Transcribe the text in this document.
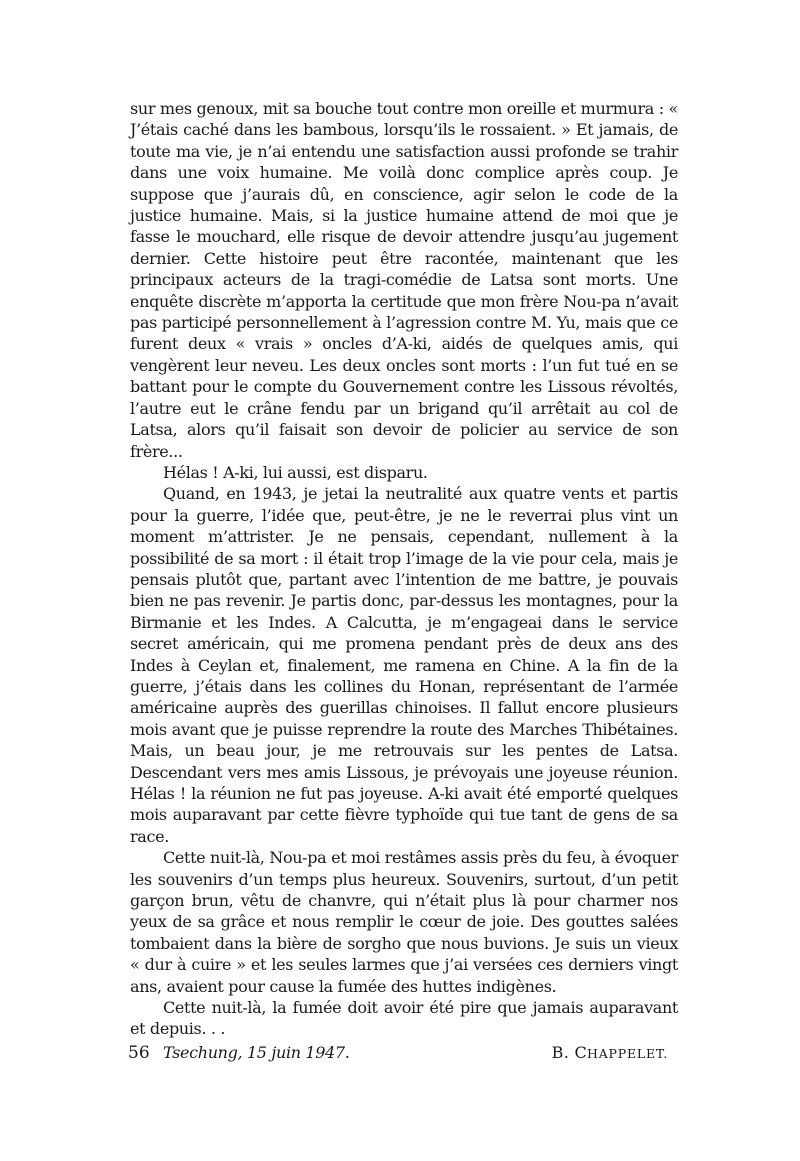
sur mes genoux, mit sa bouche tout contre mon oreille et murmura : « J’étais caché dans les bambous, lorsqu’ils le rossaient. » Et jamais, de toute ma vie, je n’ai entendu une satisfaction aussi profonde se trahir dans une voix humaine. Me voilà donc complice après coup. Je suppose que j’aurais dû, en conscience, agir selon le code de la justice humaine. Mais, si la justice humaine attend de moi que je fasse le mouchard, elle risque de devoir attendre jusqu’au jugement dernier. Cette histoire peut être racontée, maintenant que les principaux acteurs de la tragi-comédie de Latsa sont morts. Une enquête discrète m’apporta la certitude que mon frère Nou-pa n’avait pas participé personnellement à l’agression contre M. Yu, mais que ce furent deux « vrais » oncles d’A-ki, aidés de quelques amis, qui vengèrent leur neveu. Les deux oncles sont morts : l’un fut tué en se battant pour le compte du Gouvernement contre les Lissous révoltés, l’autre eut le crâne fendu par un brigand qu’il arrêtait au col de Latsa, alors qu’il faisait son devoir de policier au service de son frère...

Hélas ! A-ki, lui aussi, est disparu.

Quand, en 1943, je jetai la neutralité aux quatre vents et partis pour la guerre, l’idée que, peut-être, je ne le reverrai plus vint un moment m’attrister. Je ne pensais, cependant, nullement à la possibilité de sa mort : il était trop l’image de la vie pour cela, mais je pensais plutôt que, partant avec l’intention de me battre, je pouvais bien ne pas revenir. Je partis donc, par-dessus les montagnes, pour la Birmanie et les Indes. A Calcutta, je m’engageai dans le service secret américain, qui me promena pendant près de deux ans des Indes à Ceylan et, finalement, me ramena en Chine. A la fin de la guerre, j’étais dans les collines du Honan, représentant de l’armée américaine auprès des guerillas chinoises. Il fallut encore plusieurs mois avant que je puisse reprendre la route des Marches Thibétaines. Mais, un beau jour, je me retrouvais sur les pentes de Latsa. Descendant vers mes amis Lissous, je prévoyais une joyeuse réunion. Hélas ! la réunion ne fut pas joyeuse. A-ki avait été emporté quelques mois auparavant par cette fièvre typhoïde qui tue tant de gens de sa race.

Cette nuit-là, Nou-pa et moi restâmes assis près du feu, à évoquer les souvenirs d’un temps plus heureux. Souvenirs, surtout, d’un petit garçon brun, vêtu de chanvre, qui n’était plus là pour charmer nos yeux de sa grâce et nous remplir le cœur de joie. Des gouttes salées tombaient dans la bière de sorgho que nous buvions. Je suis un vieux « dur à cuire » et les seules larmes que j’ai versées ces derniers vingt ans, avaient pour cause la fumée des huttes indigènes.

Cette nuit-là, la fumée doit avoir été pire que jamais auparavant et depuis. . .

Tsechung, 15 juin 1947.	B. CHAPPELET.
56
